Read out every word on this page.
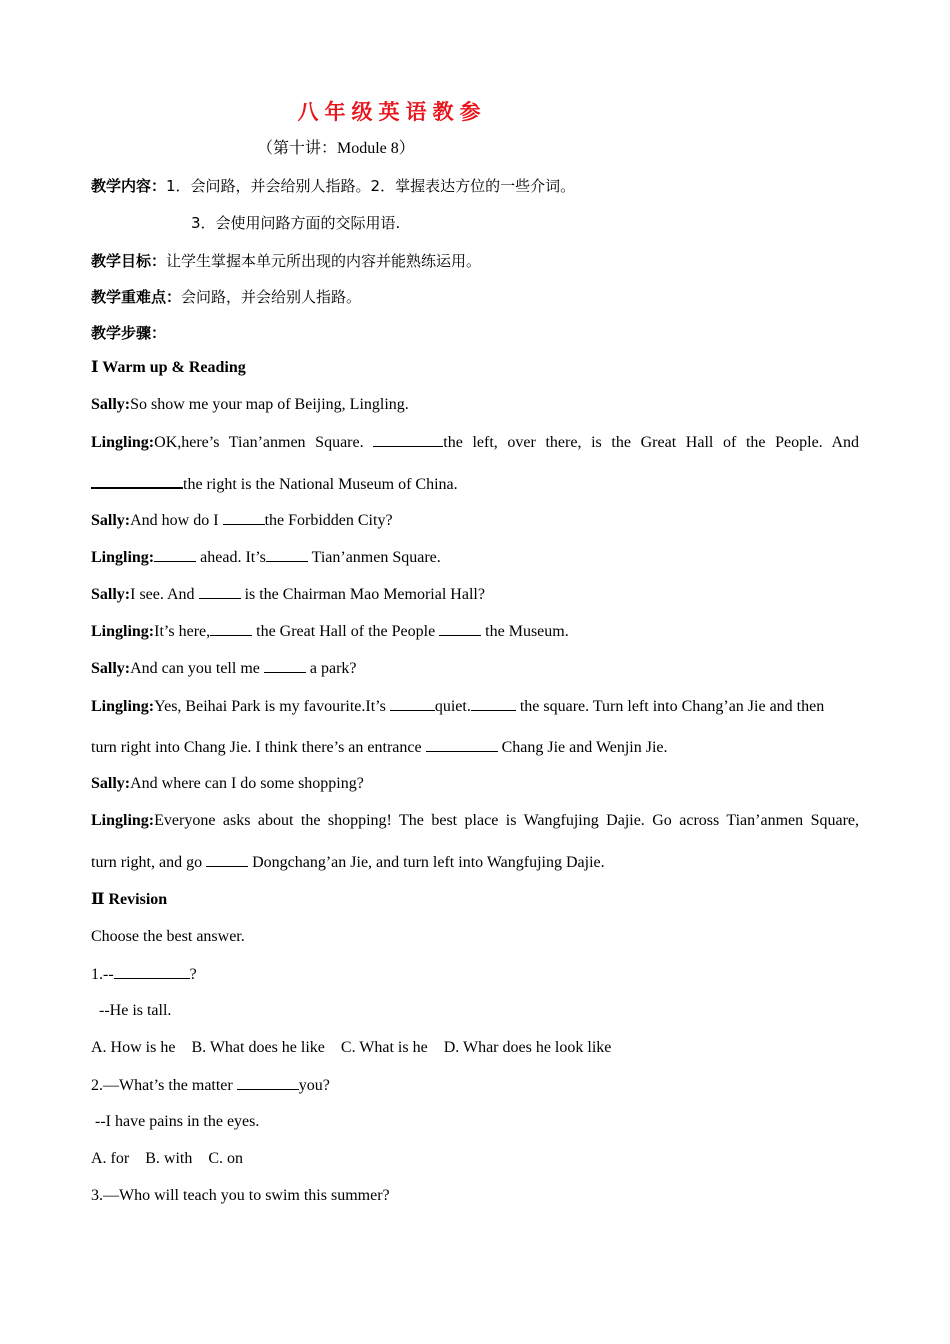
八年级英语教参
（第十讲：Module 8）
教学内容：1．会问路，并会给别人指路。2．掌握表达方位的一些介词。
3．会使用问路方面的交际用语.
教学目标：让学生掌握本单元所出现的内容并能熟练运用。
教学重难点：会问路，并会给别人指路。
教学步骤：
Ⅰ Warm up & Reading
Sally:So show me your map of Beijing, Lingling.
Lingling:OK,here’s Tian’anmen Square.	the left, over there, is the Great Hall of the People. And
the right is the National Museum of China.
Sally:And how do I	the Forbidden City?
Lingling:	ahead. It’s	Tian’anmen Square.
Sally:I see. And	is the Chairman Mao Memorial Hall?
Lingling:It’s here,	the Great Hall of the People	the Museum.
Sally:And can you tell me	a park?
Lingling:Yes, Beihai Park is my favourite.It’s	quiet.	the square. Turn left into Chang’an Jie and then
turn right into Chang Jie. I think there’s an entrance	Chang Jie and Wenjin Jie.
Sally:And where can I do some shopping?
Lingling:Everyone asks about the shopping! The best place is Wangfujing Dajie. Go across Tian’anmen Square,
turn right, and go	Dongchang’an Jie, and turn left into Wangfujing Dajie.
Ⅱ Revision
Choose the best answer.
1.--	?
--He is tall.
A. How is he    B. What does he like    C. What is he    D. Whar does he look like
2.—What’s the matter	you?
--I have pains in the eyes.
A. for    B. with    C. on
3.—Who will teach you to swim this summer?
